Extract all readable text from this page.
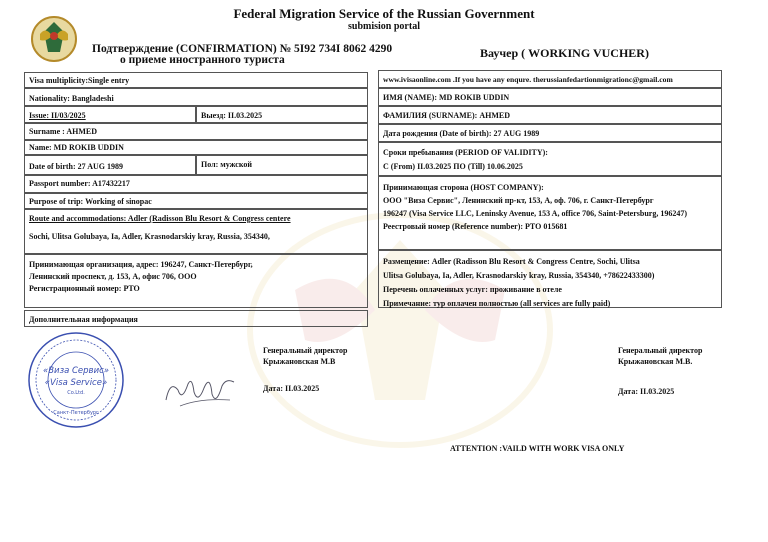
Federal Migration Service of the Russian Government
submision portal
Подтверждение (CONFIRMATION) № 5I92 734I 8062 4290
о приеме иностранного туриста	Ваучер ( WORKING VUCHER)
Visa multiplicity:Single entry
Nationality: Bangladeshi
Issue: II/03/2025	Выезд: II.03.2025
Surname : AHMED
Name: MD ROKIB UDDIN
Date of birth: 27 AUG 1989	Пол: мужской
Passport number: A17432217
Purpose of trip: Working of sinopac
Route and accommodations: Adler (Radisson Blu Resort & Congress centere
Sochi, Ulitsa Golubaya, Ia, Adler, Krasnodarskiy kray, Russia, 354340,
Принимающая организация, адрес: 196247, Санкт-Петербург,
Ленинский проспект, д. 153, А, офис 706, ООО
Регистрационный номер: PTO
Дополнительная информация
www.ivisaonline.com .If you have any enqure. therussianfedartionmigrationc@gmail.com
ИМЯ (NAME): MD ROKIB UDDIN
ФАМИЛИЯ (SURNAME): AHMED
Дата рождения (Date of birth): 27 AUG 1989
Сроки пребывания (PERIOD OF VALIDITY):
С (From) II.03.2025 ПО (Till) 10.06.2025
Принимающая сторона (HOST COMPANY):
ООО "Виза Сервис", Ленинский пр-кт, 153, А, оф. 706, г. Санкт-Петербург
196247 (Visa Service LLC, Leninsky Avenue, 153 A, office 706, Saint-Petersburg, 196247)
Реестровый номер (Reference number): PTO 015681
Размещение: Adler (Radisson Blu Resort & Congress Centre, Sochi, Ulitsa
Ulitsa Golubaya, Ia, Adler, Krasnodarskiy kray, Russia, 354340, +78622433300)
Перечень оплаченных услуг: проживание в отеле
Примечание: тур оплачен полностью (all services are fully paid)
«Виза Сервис»
«Visa Service»
Co.Ltd.
Санкт-Петербург
Генеральный директор
Крыжановская М.В
Дата: II.03.2025
Генеральный директор
Крыжановская М.В.
Дата: II.03.2025
ATTENTION :VAILD WITH WORK VISA ONLY
